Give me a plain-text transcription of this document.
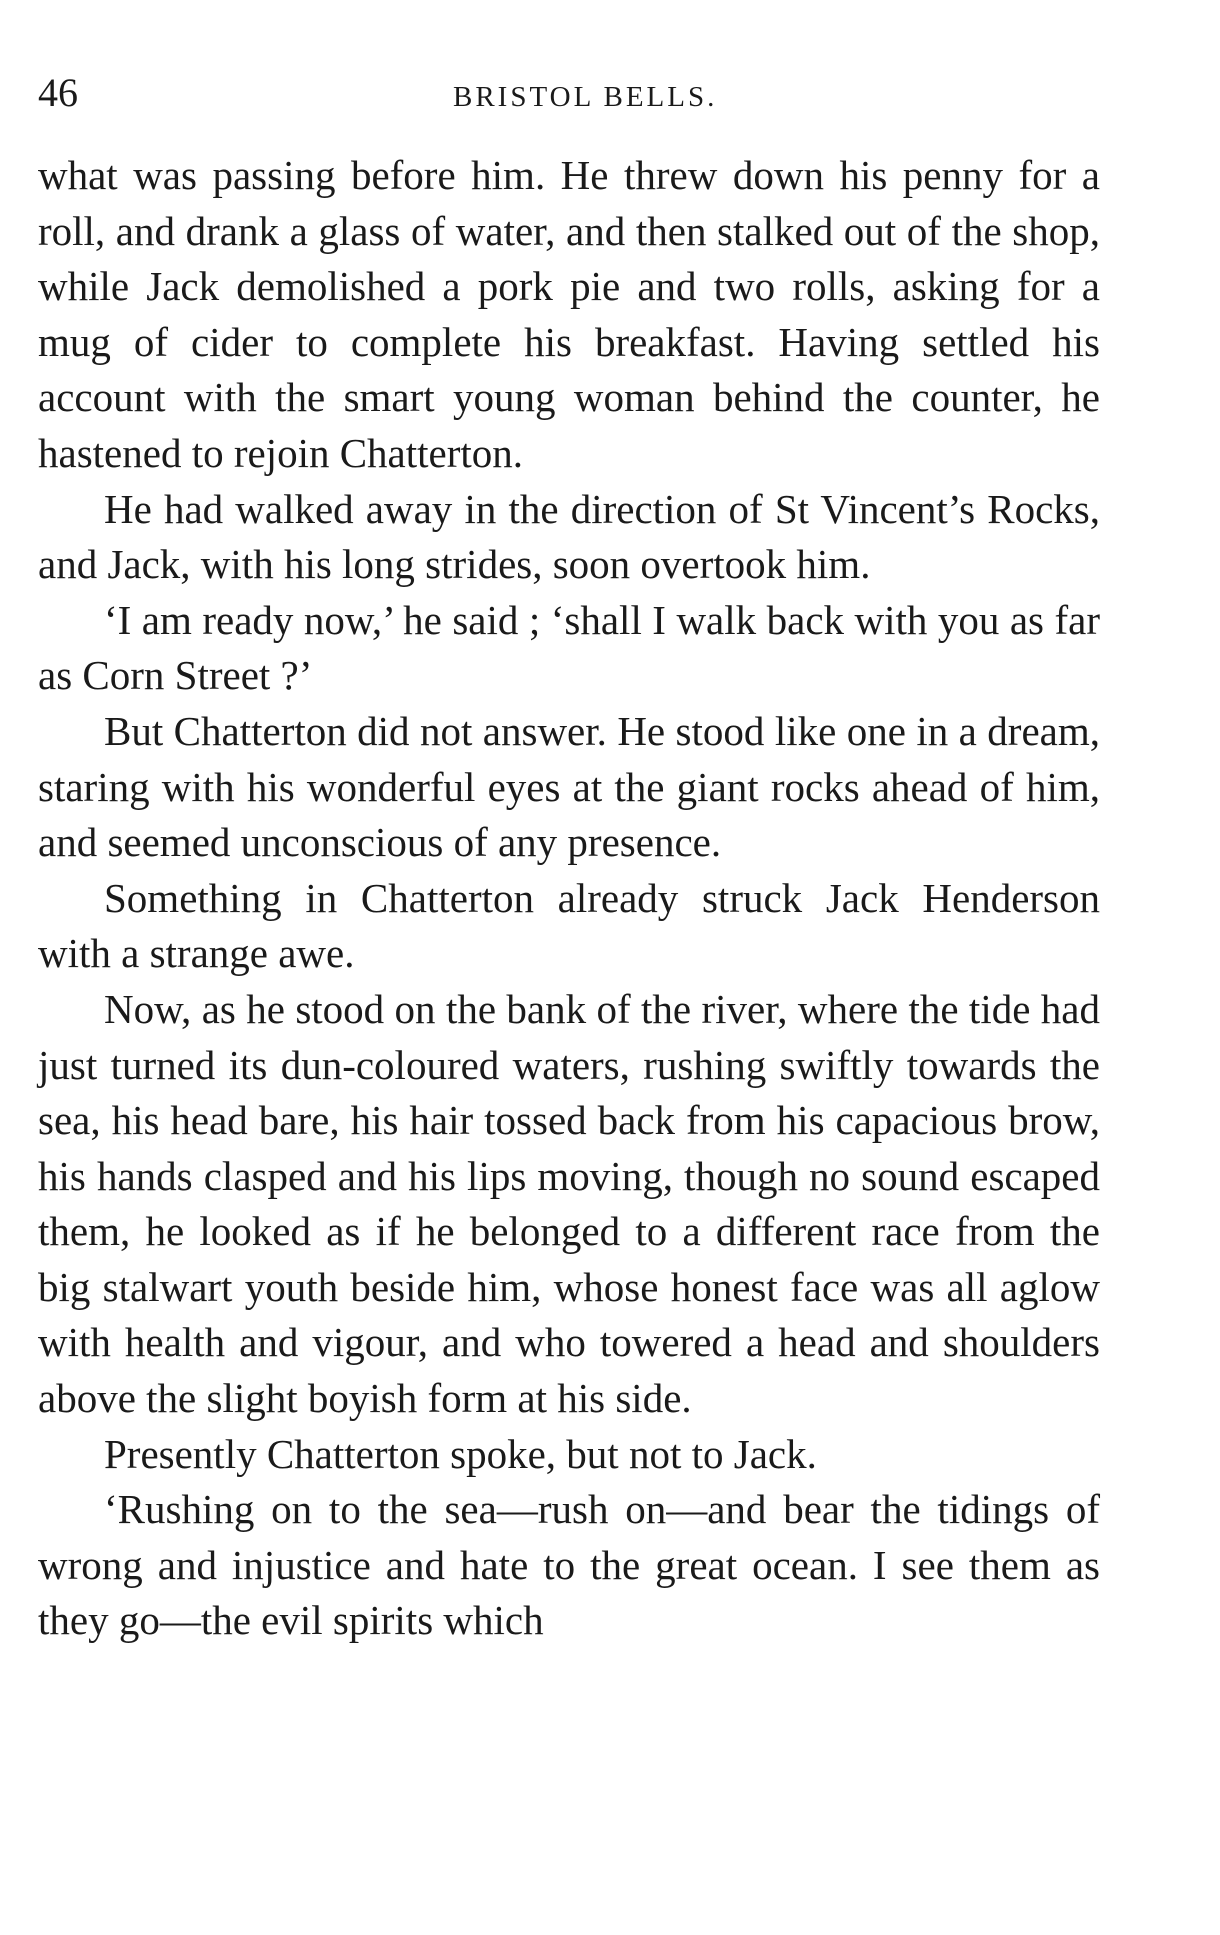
46	BRISTOL BELLS.

what was passing before him. He threw down his penny for a roll, and drank a glass of water, and then stalked out of the shop, while Jack demolished a pork pie and two rolls, asking for a mug of cider to complete his breakfast. Having settled his account with the smart young woman behind the counter, he hastened to rejoin Chatterton.

He had walked away in the direction of St Vincent’s Rocks, and Jack, with his long strides, soon overtook him.

‘I am ready now,’ he said ; ‘shall I walk back with you as far as Corn Street ?’

But Chatterton did not answer. He stood like one in a dream, staring with his wonderful eyes at the giant rocks ahead of him, and seemed unconscious of any presence.

Something in Chatterton already struck Jack Henderson with a strange awe.

Now, as he stood on the bank of the river, where the tide had just turned its dun-coloured waters, rushing swiftly towards the sea, his head bare, his hair tossed back from his capacious brow, his hands clasped and his lips moving, though no sound escaped them, he looked as if he belonged to a different race from the big stalwart youth beside him, whose honest face was all aglow with health and vigour, and who towered a head and shoulders above the slight boyish form at his side.

Presently Chatterton spoke, but not to Jack.

‘Rushing on to the sea—rush on—and bear the tidings of wrong and injustice and hate to the great ocean. I see them as they go—the evil spirits which
